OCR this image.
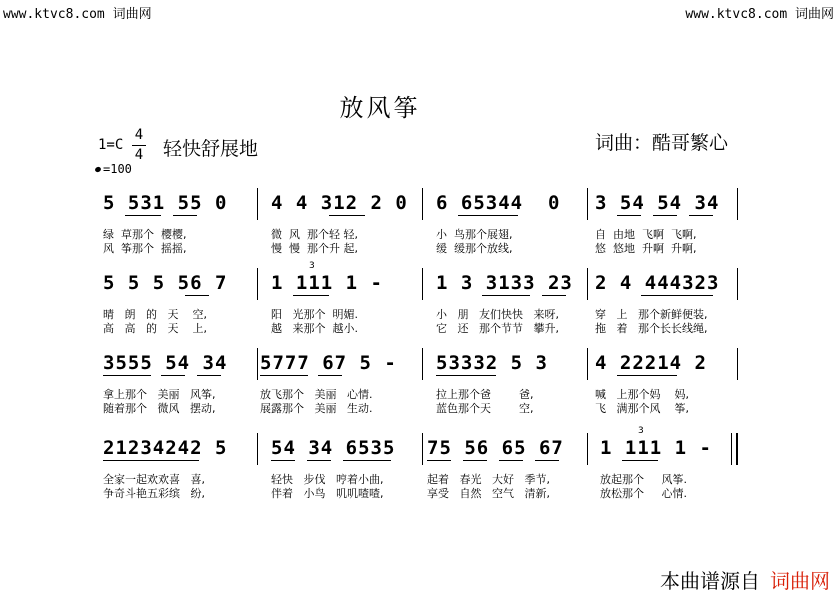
www.ktvc8.com 词曲网	www.ktvc8.com 词曲网
放风筝
1=C
4
4 轻快舒展地	词曲：酷哥繁心
=100
5 531 55 0
绿  草那个  樱樱,
风  筝那个  摇摇,
4 4 312 2 0
微  风  那个轻 轻,
慢  慢  那个升 起,
6 65344  0
小  鸟那个展翅,
缓  缓那个放线,
3 54 54 34
自  由地  飞啊  飞啊,
悠  悠地  升啊  升啊,
5 5 5 56 7
晴   朗   的   天    空,
高   高   的   天    上,
1 111 1 -
阳   光那个  明媚.
越   来那个  越小.
3
1 3 3133 23
小   朋   友们快快   来呀,
它   还   那个节节   攀升,
2 4 444323
穿   上   那个新鲜便装,
拖   着   那个长长线绳,
3555 54 34
拿上那个   美丽   风筝,
随着那个   微风   摆动,
5777 67 5 -
放飞那个   美丽   心情.
展露那个   美丽   生动.
53332 5 3
拉上那个爸        爸,
蓝色那个天        空,
4 22214 2
喊   上那个妈    妈,
飞   满那个风    筝,
21234242 5
全家一起欢欢喜   喜,
争奇斗艳五彩缤   纷,
54 34 6535
轻快   步伐   哼着小曲,
伴着   小鸟   叽叽喳喳,
75 56 65 67
起着   春光   大好   季节,
享受   自然   空气   清新,
1 111 1 -
放起那个     风筝.
放松那个     心情.
3
本曲谱源自 词曲网
